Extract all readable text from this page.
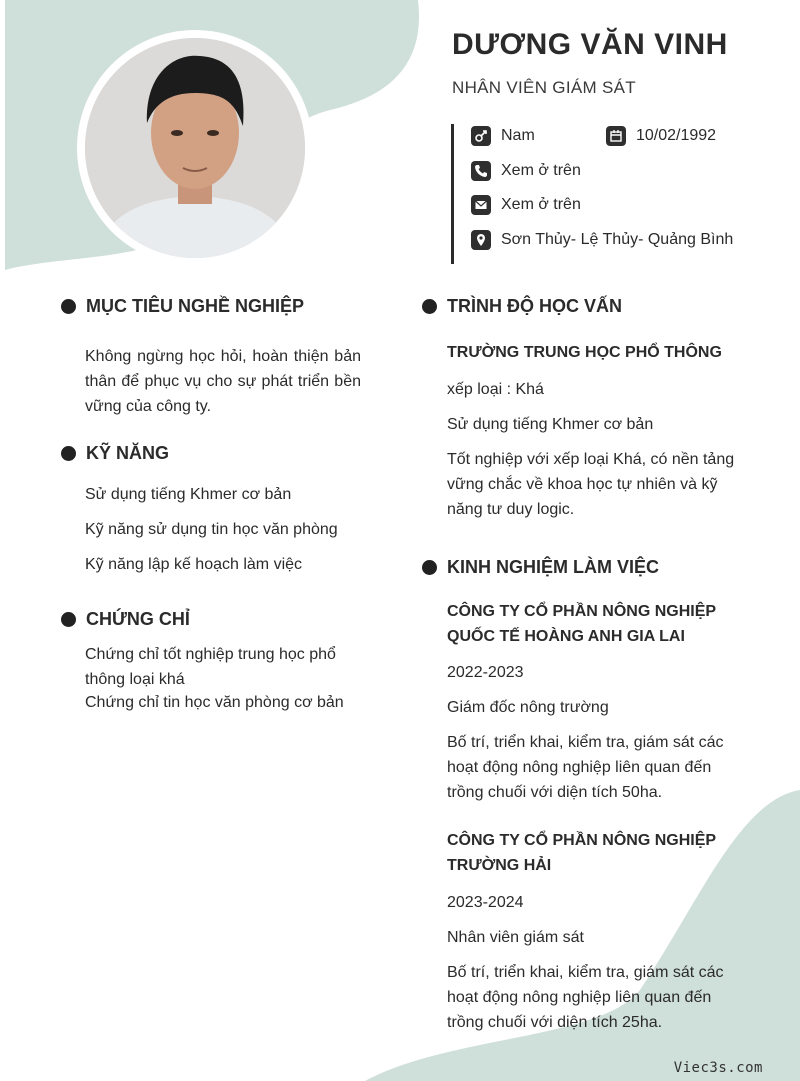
DƯƠNG VĂN VINH
NHÂN VIÊN GIÁM SÁT
Nam	10/02/1992
Xem ở trên
Xem ở trên
Sơn Thủy- Lệ Thủy- Quảng Bình
MỤC TIÊU NGHỀ NGHIỆP
Không ngừng học hỏi, hoàn thiện bản thân để phục vụ cho sự phát triển bền vững của công ty.
KỸ NĂNG
Sử dụng tiếng Khmer cơ bản
Kỹ năng sử dụng tin học văn phòng
Kỹ năng lập kế hoạch làm việc
CHỨNG CHỈ
Chứng chỉ tốt nghiệp trung học phổ thông loại khá
Chứng chỉ tin học văn phòng cơ bản
TRÌNH ĐỘ HỌC VẤN
TRƯỜNG TRUNG HỌC PHỔ THÔNG
xếp loại : Khá
Sử dụng tiếng Khmer cơ bản
Tốt nghiệp với xếp loại Khá, có nền tảng vững chắc về khoa học tự nhiên và kỹ năng tư duy logic.
KINH NGHIỆM LÀM VIỆC
CÔNG TY CỔ PHẦN NÔNG NGHIỆP QUỐC TẾ HOÀNG ANH GIA LAI
2022-2023
Giám đốc nông trường
Bố trí, triển khai, kiểm tra, giám sát các hoạt động nông nghiệp liên quan đến trồng chuối với diện tích 50ha.
CÔNG TY CỔ PHẦN NÔNG NGHIỆP TRƯỜNG HẢI
2023-2024
Nhân viên giám sát
Bố trí, triển khai, kiểm tra, giám sát các hoạt động nông nghiệp liên quan đến trồng chuối với diện tích 25ha.
Viec3s.com
